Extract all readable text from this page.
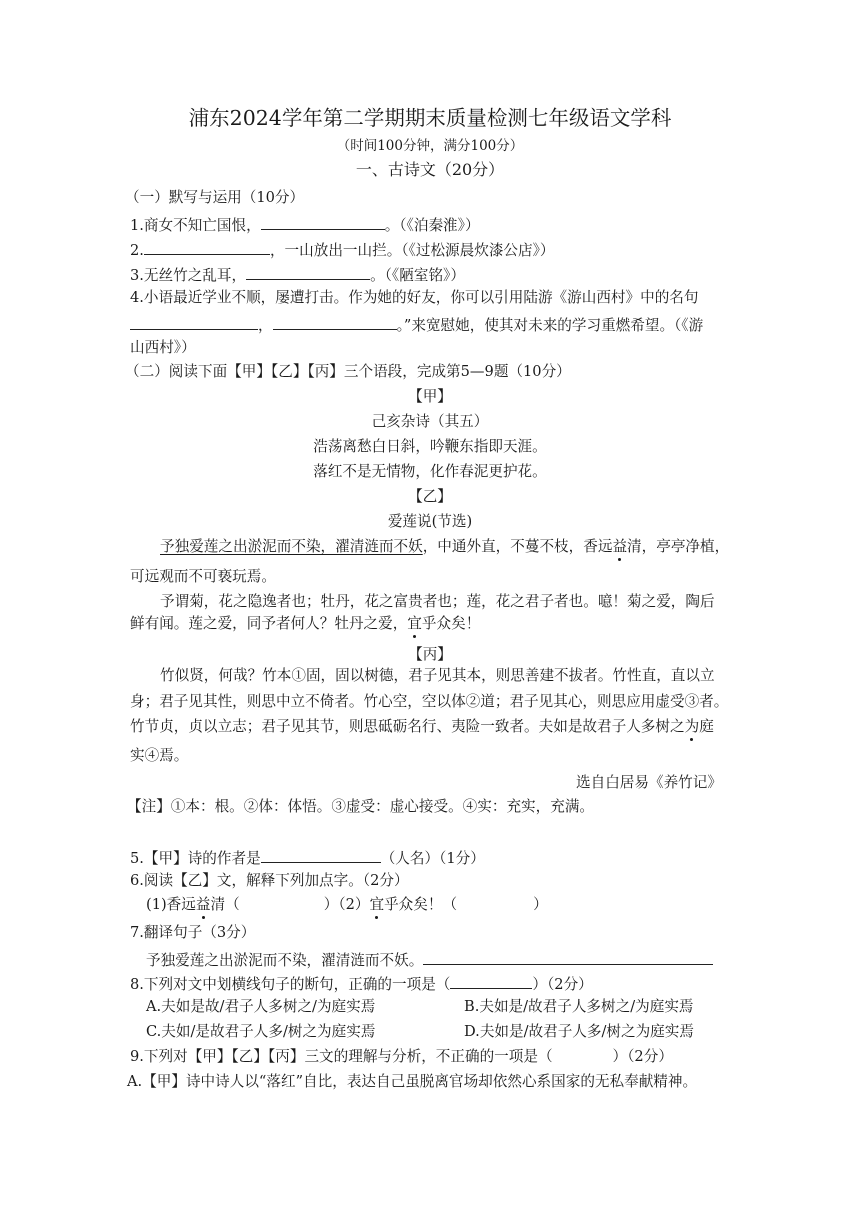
浦东2024学年第二学期期末质量检测七年级语文学科
（时间100分钟，满分100分）
一、古诗文（20分）
（一）默写与运用（10分）
1.商女不知亡国恨，	。（《泊秦淮》）
2.	，一山放出一山拦。（《过松源晨炊漆公店》）
3.无丝竹之乱耳，	。（《陋室铭》）
4.小语最近学业不顺，屡遭打击。作为她的好友，你可以引用陆游《游山西村》中的名句
，	。”来宽慰她，使其对未来的学习重燃希望。（《游
山西村》）
（二）阅读下面【甲】【乙】【丙】三个语段，完成第5—9题（10分）
【甲】
己亥杂诗（其五）
浩荡离愁白日斜，吟鞭东指即天涯。
落红不是无情物，化作春泥更护花。
【乙】
爱莲说(节选)
予独爱莲之出淤泥而不染，濯清涟而不妖，中通外直，不蔓不枝，香远益清，亭亭净植，
可远观而不可亵玩焉。
予谓菊，花之隐逸者也；牡丹，花之富贵者也；莲，花之君子者也。噫！菊之爱，陶后
鲜有闻。莲之爱，同予者何人？牡丹之爱，宜乎众矣！
【丙】
竹似贤，何哉？竹本①固，固以树德，君子见其本，则思善建不拔者。竹性直，直以立
身；君子见其性，则思中立不倚者。竹心空，空以体②道；君子见其心，则思应用虚受③者。
竹节贞，贞以立志；君子见其节，则思砥砺名行、夷险一致者。夫如是故君子人多树之为庭
实④焉。
选自白居易《养竹记》
【注】①本：根。②体：体悟。③虚受：虚心接受。④实：充实，充满。
5.【甲】诗的作者是	（人名）（1分）
6.阅读【乙】文，解释下列加点字。（2分）
(1)香远益清（	）（2）宜乎众矣！（	）
7.翻译句子（3分）
予独爱莲之出淤泥而不染，濯清涟而不妖。
8.下列对文中划横线句子的断句，正确的一项是（	）（2分）
A.夫如是故/君子人多树之/为庭实焉	B.夫如是/故君子人多树之/为庭实焉
C.夫如/是故君子人多/树之为庭实焉	D.夫如是/故君子人多/树之为庭实焉
9.下列对【甲】【乙】【丙】三文的理解与分析，不正确的一项是（	）（2分）
A.【甲】诗中诗人以“落红”自比，表达自己虽脱离官场却依然心系国家的无私奉献精神。
